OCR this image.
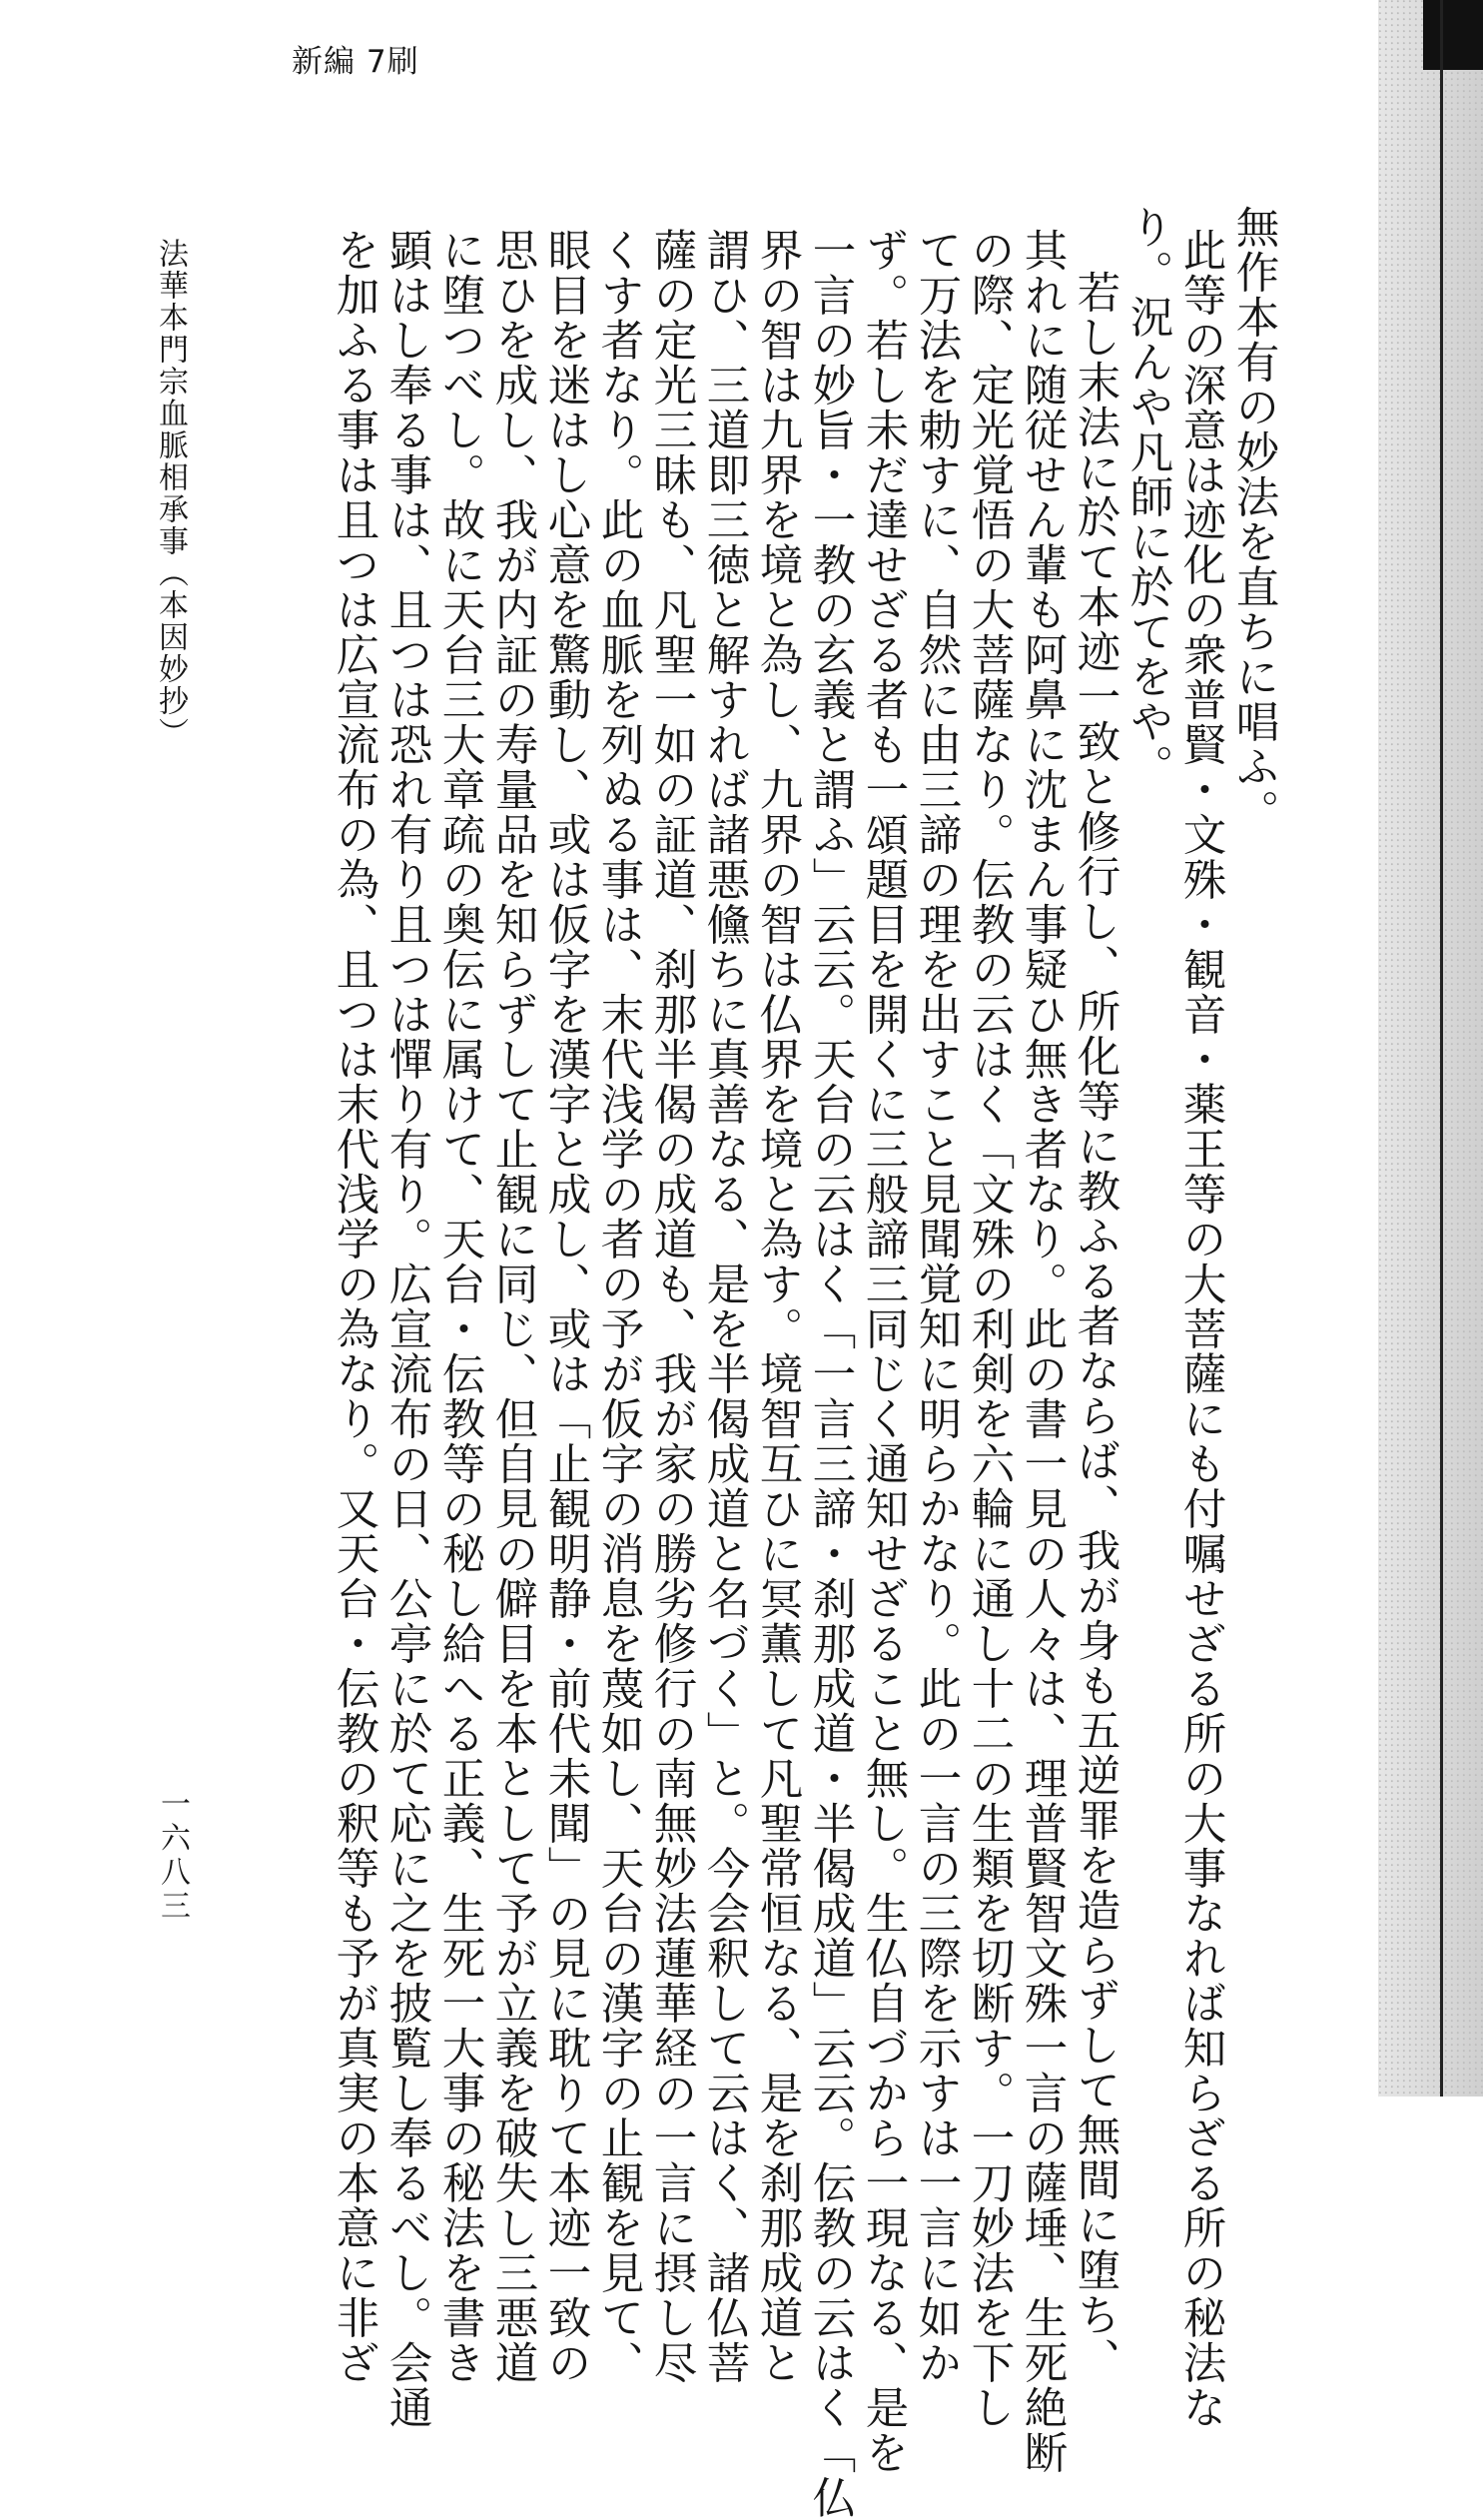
新編 7刷
無作本有の妙法を直ちに唱ふ。
此等の深意は迹化の衆普賢・文殊・観音・薬王等の大菩薩にも付嘱せざる所の大事なれば知らざる所の秘法な
り。況んや凡師に於てをや。
若し末法に於て本迹一致と修行し、所化等に教ふる者ならば、我が身も五逆罪を造らずして無間に堕ち、
其れに随従せん輩も阿鼻に沈まん事疑ひ無き者なり。此の書一見の人々は、理普賢智文殊一言の薩埵、生死絶断
の際、定光覚悟の大菩薩なり。伝教の云はく「文殊の利剣を六輪に通し十二の生類を切断す。一刀妙法を下し
て万法を勅すに、自然に由三諦の理を出すこと見聞覚知に明らかなり。此の一言の三際を示すは一言に如か
ず。若し未だ達せざる者も一頌題目を開くに三般諦三同じく通知せざること無し。生仏自づから一現なる、是を
一言の妙旨・一教の玄義と謂ふ」云云。天台の云はく「一言三諦・刹那成道・半偈成道」云云。伝教の云はく「仏
界の智は九界を境と為し、九界の智は仏界を境と為す。境智互ひに冥薫して凡聖常恒なる、是を刹那成道と
謂ひ、三道即三徳と解すれば諸悪儵ちに真善なる、是を半偈成道と名づく」と。今会釈して云はく、諸仏菩
薩の定光三昧も、凡聖一如の証道、刹那半偈の成道も、我が家の勝劣修行の南無妙法蓮華経の一言に摂し尽
くす者なり。此の血脈を列ぬる事は、末代浅学の者の予が仮字の消息を蔑如し、天台の漢字の止観を見て、
眼目を迷はし心意を驚動し、或は仮字を漢字と成し、或は「止観明静・前代未聞」の見に耽りて本迹一致の
思ひを成し、我が内証の寿量品を知らずして止観に同じ、但自見の僻目を本として予が立義を破失し三悪道
に堕つべし。故に天台三大章疏の奥伝に属けて、天台・伝教等の秘し給へる正義、生死一大事の秘法を書き
顕はし奉る事は、且つは恐れ有り且つは憚り有り。広宣流布の日、公亭に於て応に之を披覧し奉るべし。会通
を加ふる事は且つは広宣流布の為、且つは末代浅学の為なり。又天台・伝教の釈等も予が真実の本意に非ざ
法華本門宗血脈相承事（本因妙抄）
一六八三
